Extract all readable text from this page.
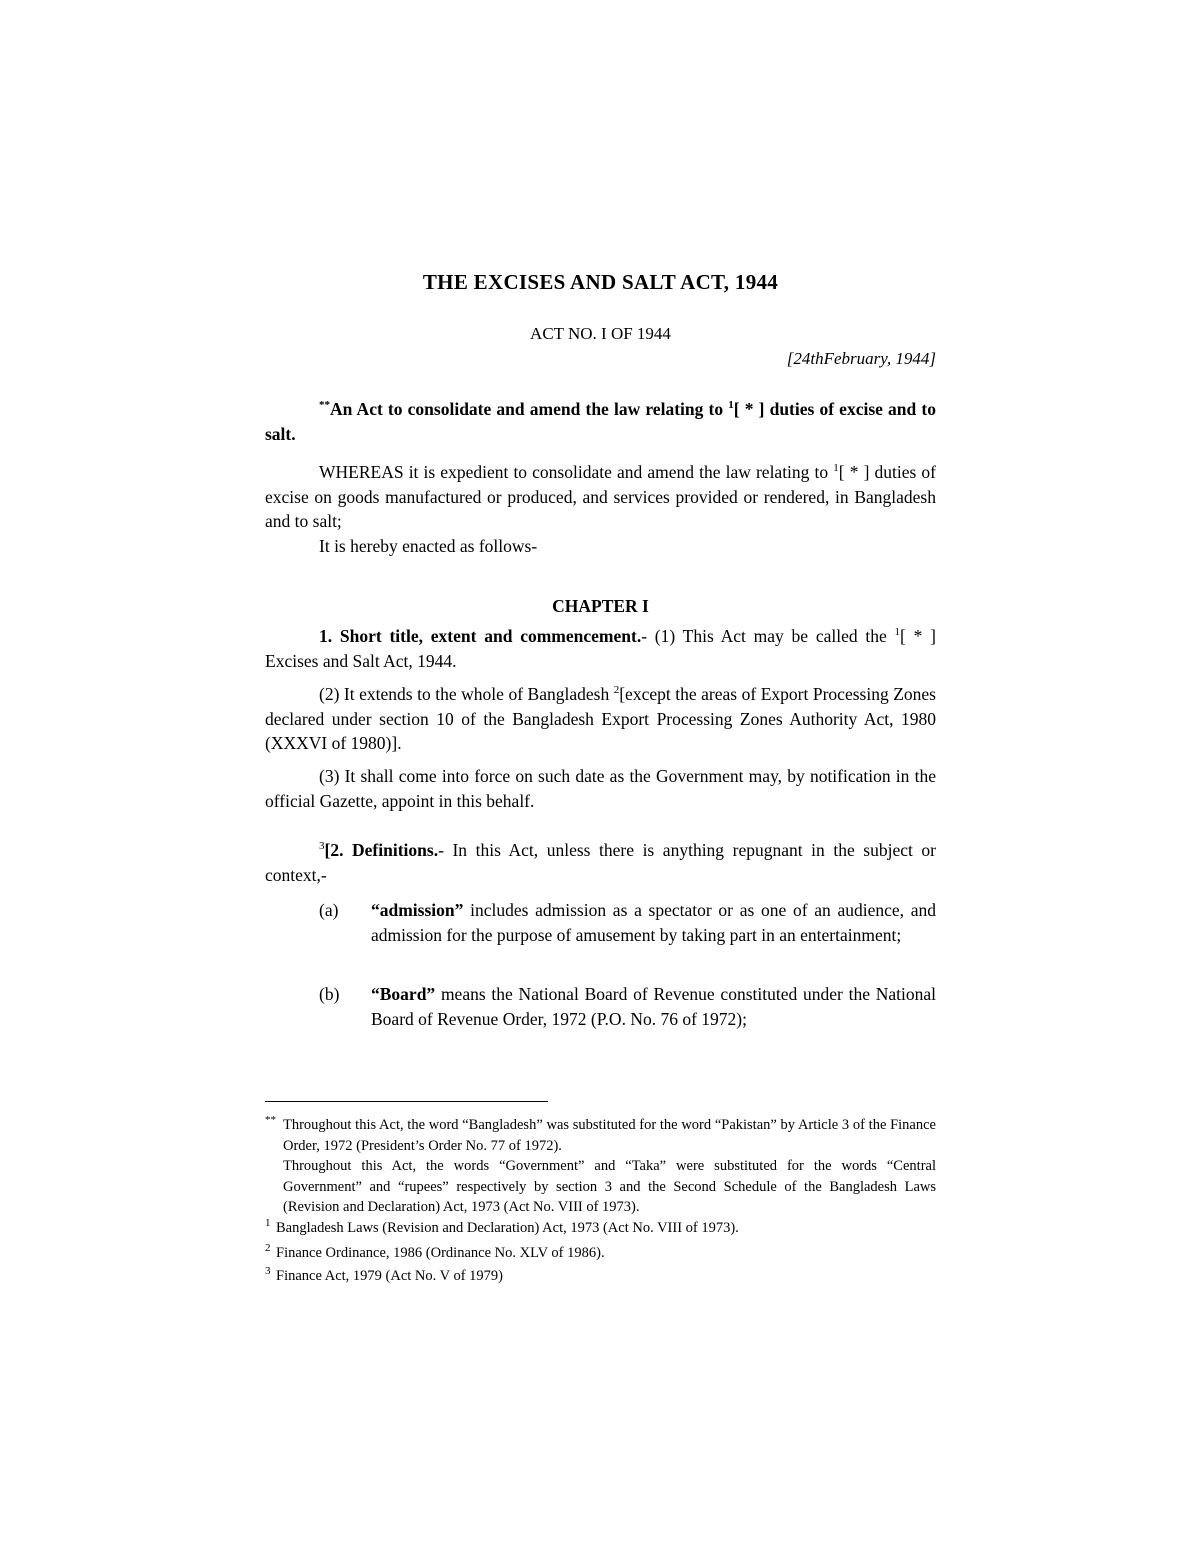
THE EXCISES AND SALT ACT, 1944
ACT NO. I OF 1944
[24thFebruary, 1944]
**An Act to consolidate and amend the law relating to $^1$[ * ] duties of excise and to salt.
WHEREAS it is expedient to consolidate and amend the law relating to $^1$[ * ] duties of excise on goods manufactured or produced, and services provided or rendered, in Bangladesh and to salt;
It is hereby enacted as follows-
CHAPTER I
1. Short title, extent and commencement.- (1) This Act may be called the $^1$[ * ] Excises and Salt Act, 1944.
(2) It extends to the whole of Bangladesh $^2$[except the areas of Export Processing Zones declared under section 10 of the Bangladesh Export Processing Zones Authority Act, 1980 (XXXVI of 1980)].
(3) It shall come into force on such date as the Government may, by notification in the official Gazette, appoint in this behalf.
$^3$[2. Definitions.- In this Act, unless there is anything repugnant in the subject or context,-
(a) “admission” includes admission as a spectator or as one of an audience, and admission for the purpose of amusement by taking part in an entertainment;
(b) “Board” means the National Board of Revenue constituted under the National Board of Revenue Order, 1972 (P.O. No. 76 of 1972);
** Throughout this Act, the word “Bangladesh” was substituted for the word “Pakistan” by Article 3 of the Finance Order, 1972 (President’s Order No. 77 of 1972).
Throughout this Act, the words “Government” and “Taka” were substituted for the words “Central Government” and “rupees” respectively by section 3 and the Second Schedule of the Bangladesh Laws (Revision and Declaration) Act, 1973 (Act No. VIII of 1973).
$^1$ Bangladesh Laws (Revision and Declaration) Act, 1973 (Act No. VIII of 1973).
$^2$ Finance Ordinance, 1986 (Ordinance No. XLV of 1986).
$^3$ Finance Act, 1979 (Act No. V of 1979)
